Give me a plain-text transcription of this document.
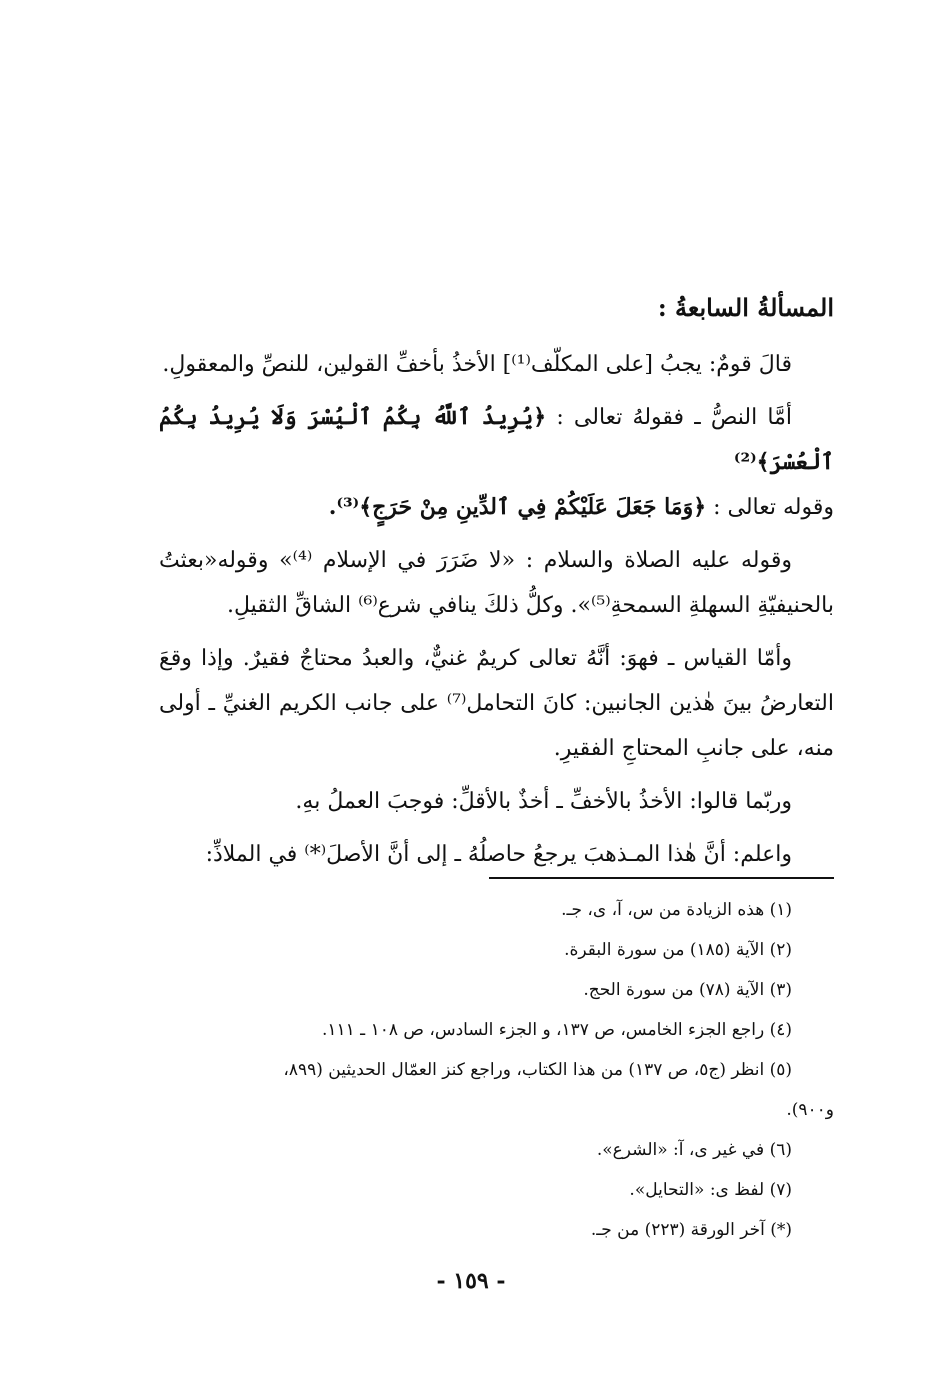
المسألةُ السابعةُ :

قالَ قومٌ: يجبُ [على المكلّف⁽¹⁾] الأخذُ بأخفِّ القولين، للنصِّ والمعقولِ.

أمَّا النصُّ ـ فقولهُ تعالى : ﴿يُرِيدُ ٱللَّهُ بِكُمُ ٱلْيُسْرَ وَلَا يُرِيدُ بِكُمُ ٱلْعُسْرَ﴾⁽²⁾

وقوله تعالى : ﴿وَمَا جَعَلَ عَلَيْكُمْ فِي ٱلدِّينِ مِنْ حَرَجٍ﴾⁽³⁾.

وقوله عليه الصلاة والسلام : «لا ضَرَرَ في الإسلام ⁽⁴⁾» وقوله«بعثتُ بالحنيفيّةِ السهلةِ السمحةِ⁽⁵⁾». وكلُّ ذلكَ ينافي شرع⁽⁶⁾ الشاقِّ الثقيلِ.

وأمّا القياس ـ فهوَ: أنَّهُ تعالى كريمٌ غنيٌّ، والعبدُ محتاجٌ فقيرٌ. وإذا وقعَ التعارضُ بينَ هٰذين الجانبين: كانَ التحامل⁽⁷⁾ على جانب الكريم الغنيِّ ـ أولى منه، على جانبِ المحتاجِ الفقيرِ.

وربّما قالوا: الأخذُ بالأخفِّ ـ أخذٌ بالأقلِّ: فوجبَ العملُ بهِ.

واعلم: أنَّ هٰذا المـذهبَ يرجعُ حاصلُهُ ـ إلى أنَّ الأصلَ⁽*⁾ في الملاذِّ:

(١) هذه الزيادة من س، آ، ى، جـ.

(٢) الآية (١٨٥) من سورة البقرة.

(٣) الآية (٧٨) من سورة الحج.

(٤) راجع الجزء الخامس، ص ١٣٧، و الجزء السادس، ص ١٠٨ ـ ١١١.

(٥) انظر (ج٥، ص ١٣٧) من هذا الكتاب، وراجع كنز العمّال الحديثين (٨٩٩،

و٩٠٠).

(٦) في غير ى، آ: «الشرع».

(٧) لفظ ى: «التحايل».

(*) آخر الورقة (٢٢٣) من جـ.

- ١٥٩ -
